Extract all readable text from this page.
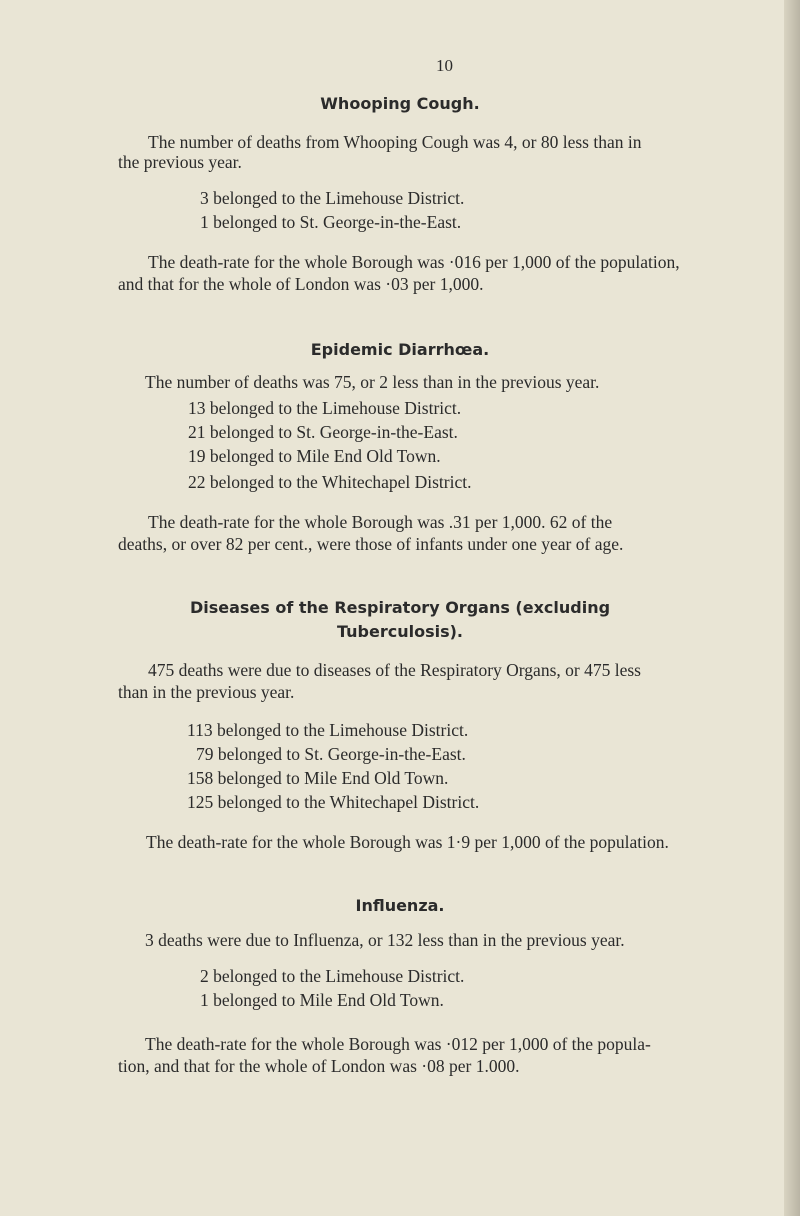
10
Whooping Cough.
The number of deaths from Whooping Cough was 4, or 80 less than in
the previous year.
3 belonged to the Limehouse District.
1 belonged to St. George-in-the-East.
The death-rate for the whole Borough was ·016 per 1,000 of the population,
and that for the whole of London was ·03 per 1,000.
Epidemic Diarrhœa.
The number of deaths was 75, or 2 less than in the previous year.
13 belonged to the Limehouse District.
21 belonged to St. George-in-the-East.
19 belonged to Mile End Old Town.
22 belonged to the Whitechapel District.
The death-rate for the whole Borough was .31 per 1,000. 62 of the
deaths, or over 82 per cent., were those of infants under one year of age.
Diseases of the Respiratory Organs (excluding
Tuberculosis).
475 deaths were due to diseases of the Respiratory Organs, or 475 less
than in the previous year.
113 belonged to the Limehouse District.
79 belonged to St. George-in-the-East.
158 belonged to Mile End Old Town.
125 belonged to the Whitechapel District.
The death-rate for the whole Borough was 1·9 per 1,000 of the population.
Influenza.
3 deaths were due to Influenza, or 132 less than in the previous year.
2 belonged to the Limehouse District.
1 belonged to Mile End Old Town.
The death-rate for the whole Borough was ·012 per 1,000 of the popula-
tion, and that for the whole of London was ·08 per 1.000.
